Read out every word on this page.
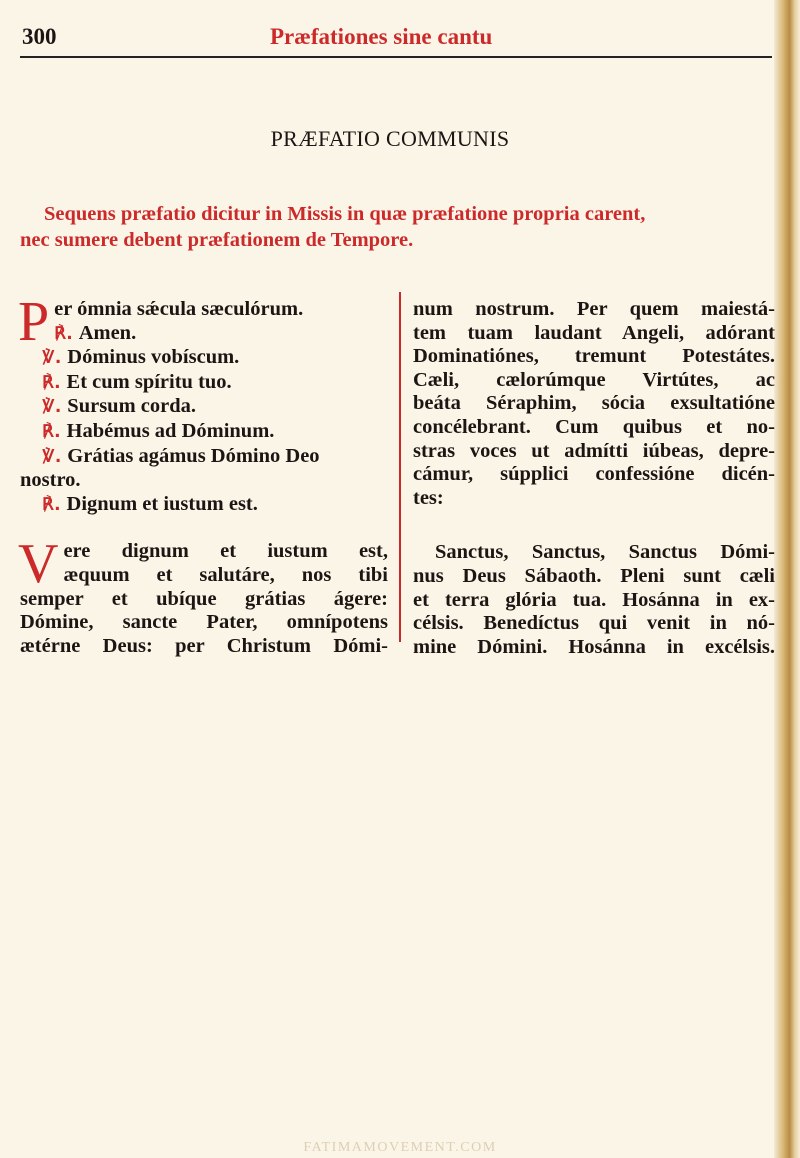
300	Præfationes sine cantu
PRÆFATIO COMMUNIS

Sequens præfatio dicitur in Missis in quæ præfatione propria carent,

nec sumere debent præfationem de Tempore.

P er ómnia sǽcula sæculórum.

℟. Amen.

℣. Dóminus vobíscum.

℟. Et cum spíritu tuo.

℣. Sursum corda.

℟. Habémus ad Dóminum.

℣. Grátias agámus Dómino Deo

nostro.

℟. Dignum et iustum est.

V ere dignum et iustum est,

æquum et salutáre, nos tibi

semper et ubíque grátias ágere:

Dómine, sancte Pater, omnípotens

ætérne Deus: per Christum Dómi-

num nostrum. Per quem maiestá-

tem tuam laudant Angeli, adórant

Dominatiónes, tremunt Potestátes.

Cæli, cælorúmque Virtútes, ac

beáta Séraphim, sócia exsultatióne

concélebrant. Cum quibus et no-

stras voces ut admítti iúbeas, depre-

cámur, súpplici confessióne dicén-

tes:

Sanctus, Sanctus, Sanctus Dómi-

nus Deus Sábaoth. Pleni sunt cæli

et terra glória tua. Hosánna in ex-

célsis. Benedíctus qui venit in nó-

mine Dómini. Hosánna in excélsis.

FATIMAMOVEMENT.COM
